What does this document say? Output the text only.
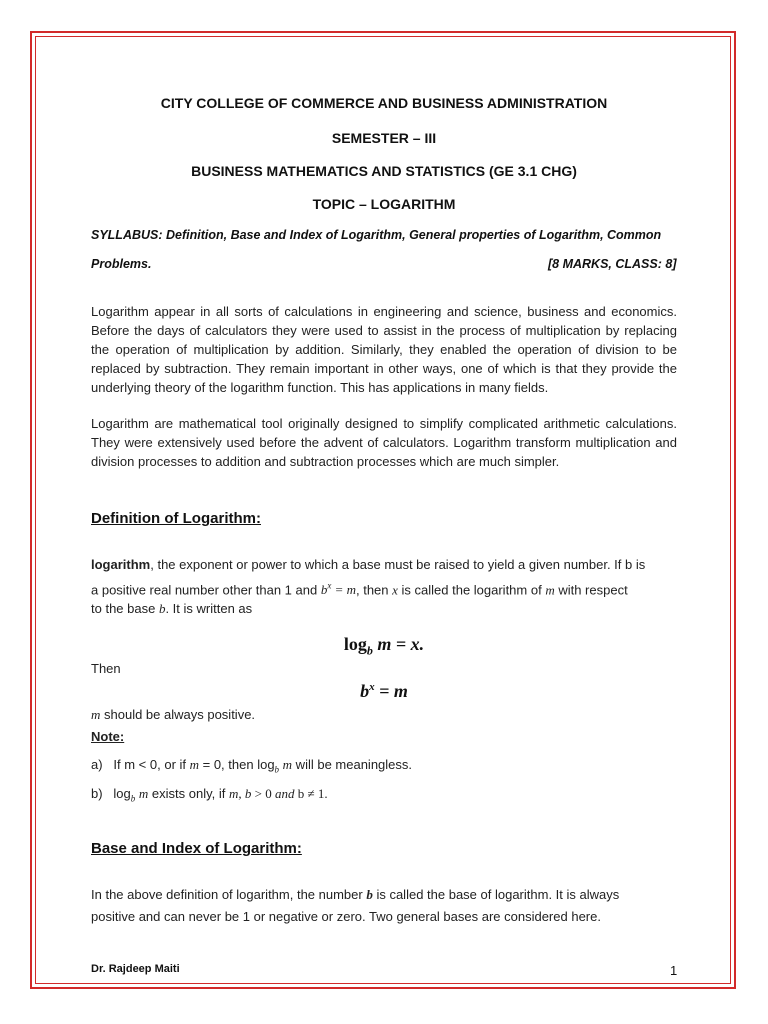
CITY COLLEGE OF COMMERCE AND BUSINESS ADMINISTRATION
SEMESTER – III
BUSINESS MATHEMATICS AND STATISTICS (GE 3.1 CHG)
TOPIC – LOGARITHM
SYLLABUS: Definition, Base and Index of Logarithm, General properties of Logarithm, Common
Problems.	[8 MARKS, CLASS: 8]
Logarithm appear in all sorts of calculations in engineering and science, business and economics. Before the days of calculators they were used to assist in the process of multiplication by replacing the operation of multiplication by addition. Similarly, they enabled the operation of division to be replaced by subtraction. They remain important in other ways, one of which is that they provide the underlying theory of the logarithm function. This has applications in many fields.
Logarithm are mathematical tool originally designed to simplify complicated arithmetic calculations. They were extensively used before the advent of calculators. Logarithm transform multiplication and division processes to addition and subtraction processes which are much simpler.
Definition of Logarithm:
logarithm, the exponent or power to which a base must be raised to yield a given number. If b is
a positive real number other than 1 and $b^x = m$, then x is called the logarithm of m with respect
to the base b. It is written as
$\log_b m = x$.
Then
$b^x = m$
m should be always positive.
Note:
a) If m < 0, or if m = 0, then $\log_b m$ will be meaningless.
b) $\log_b m$ exists only, if m, b > 0 and b ≠ 1.
Base and Index of Logarithm:
In the above definition of logarithm, the number b is called the base of logarithm. It is always
positive and can never be 1 or negative or zero. Two general bases are considered here.
Dr. Rajdeep Maiti	1
